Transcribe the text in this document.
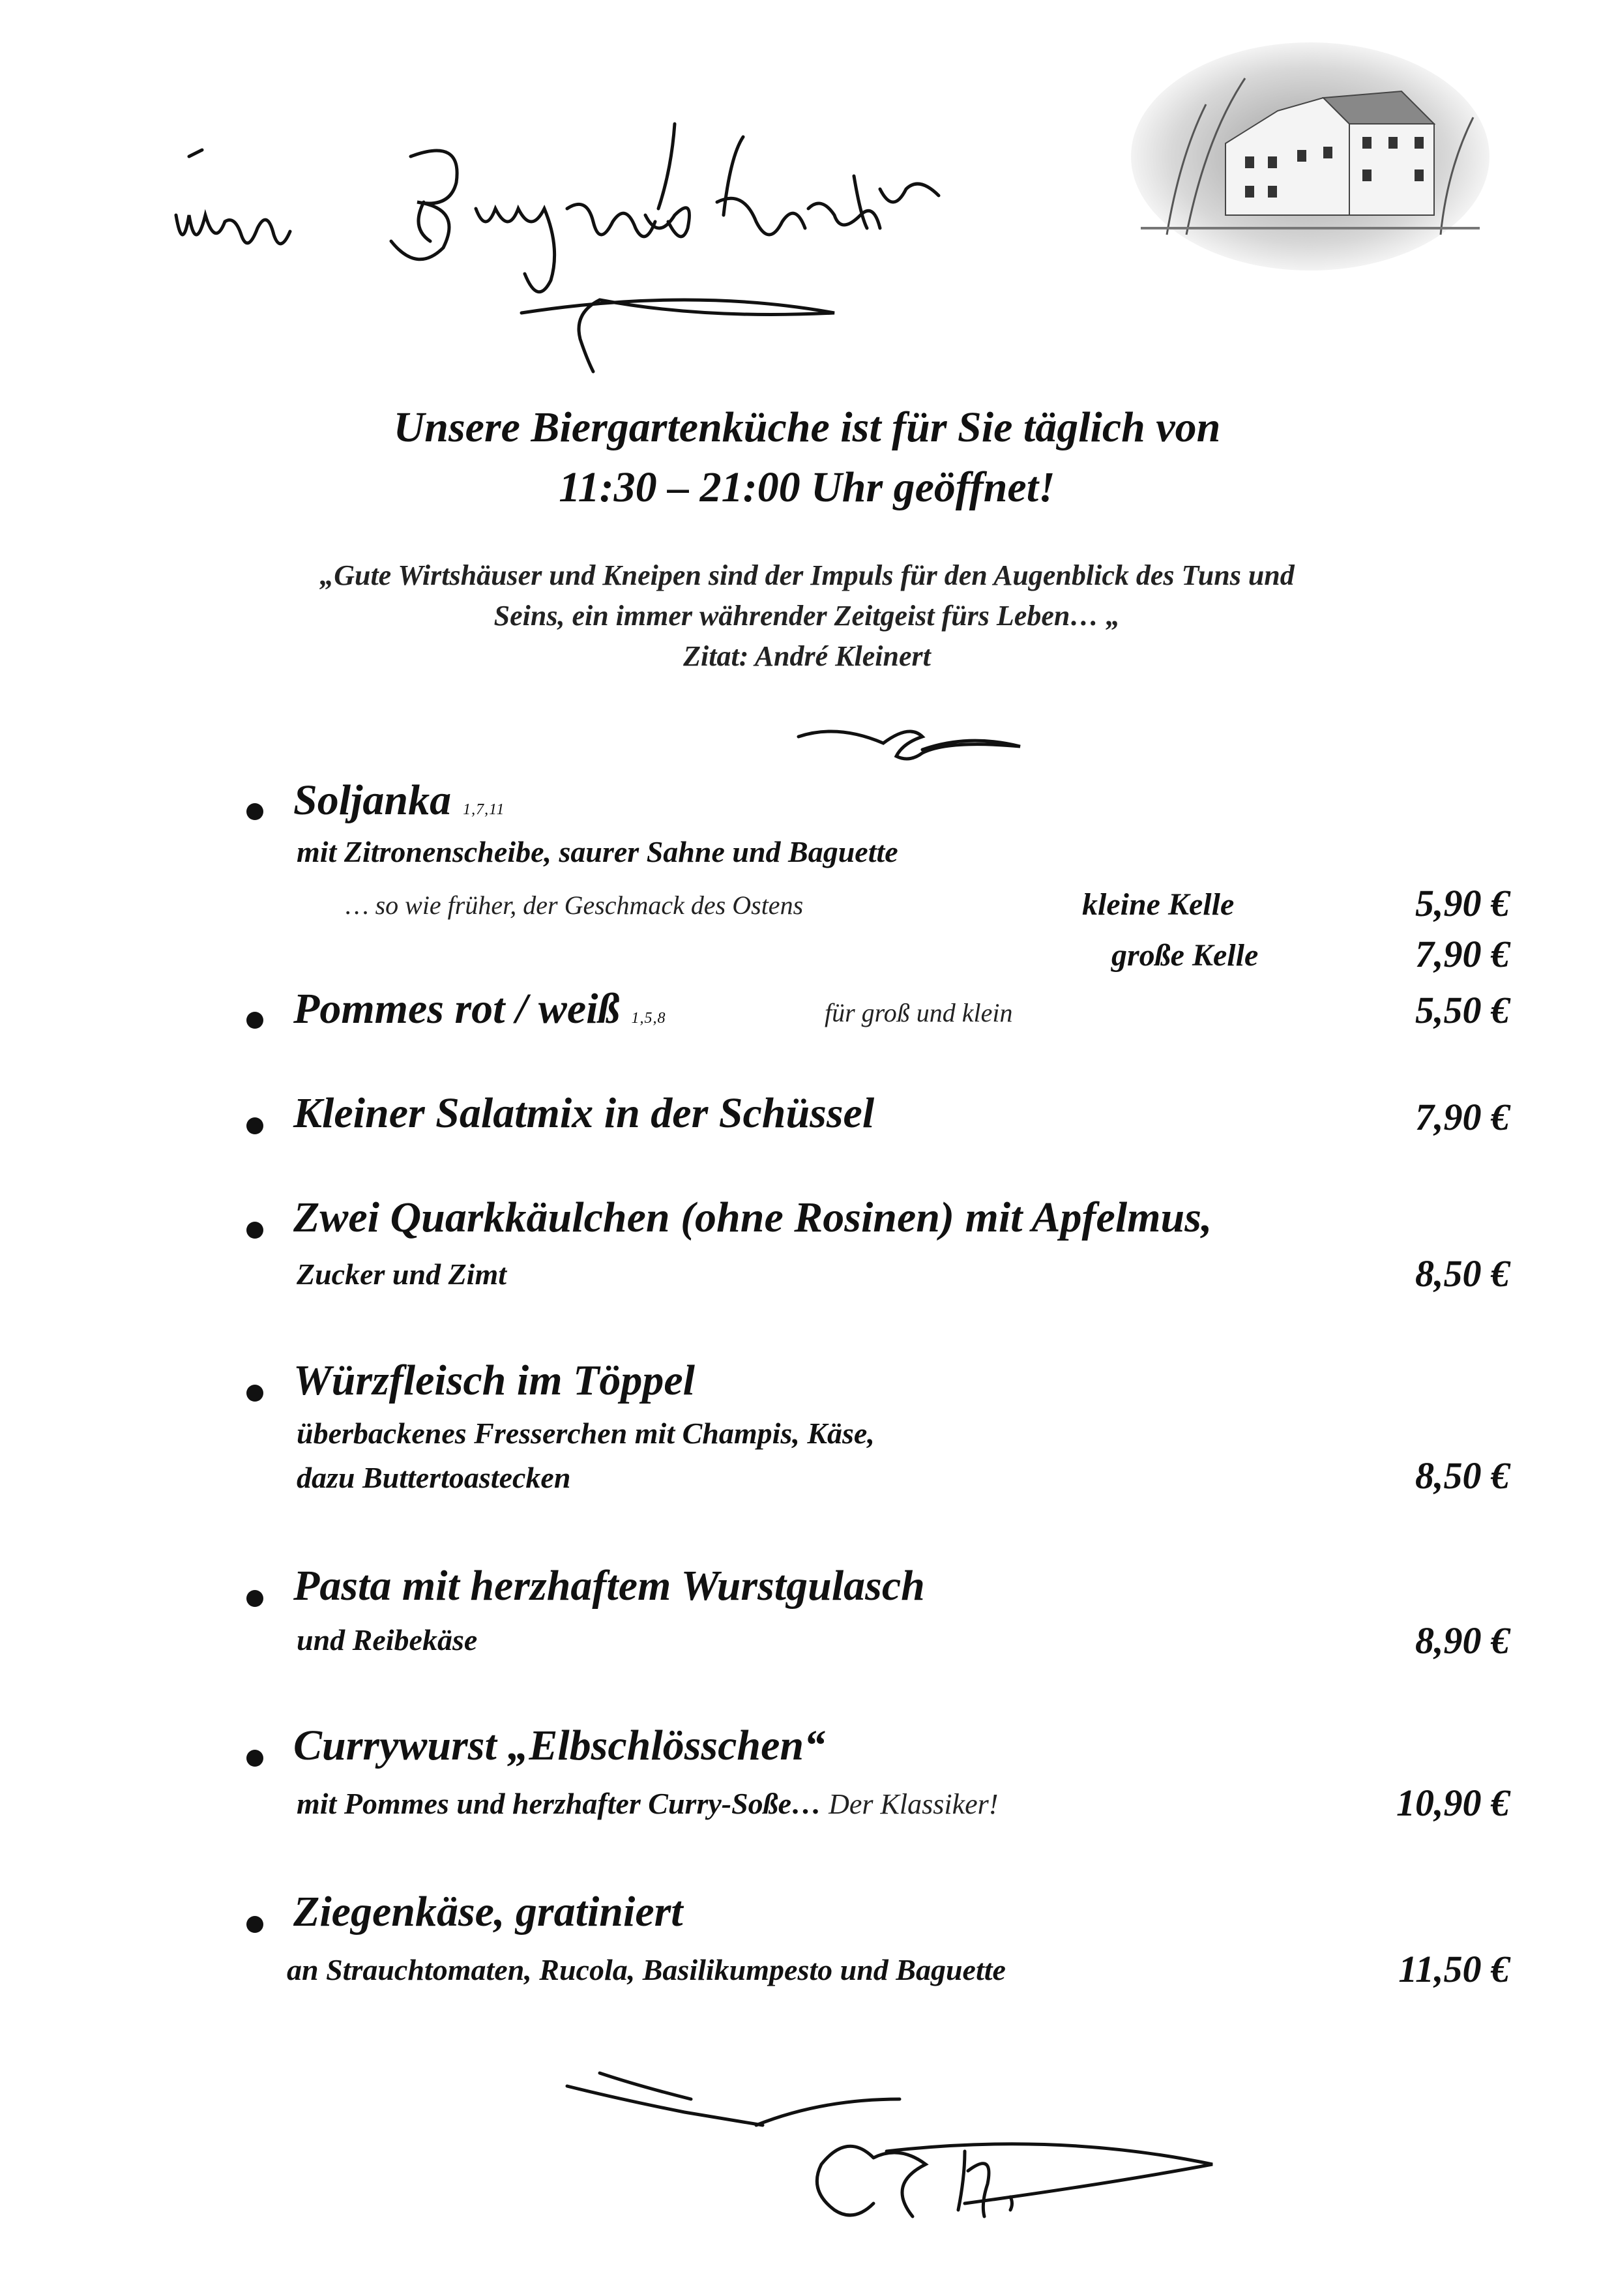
Unsere Biergartenküche ist für Sie täglich von
11:30 – 21:00 Uhr geöffnet!
„Gute Wirtshäuser und Kneipen sind der Impuls für den Augenblick des Tuns und
Seins, ein immer währender Zeitgeist fürs Leben… „
Zitat: André Kleinert
Soljanka 1,7,11
mit Zitronenscheibe, saurer Sahne und Baguette
… so wie früher, der Geschmack des Ostens	kleine Kelle	5,90 €
große Kelle	7,90 €
Pommes rot / weiß 1,5,8	für groß und klein	5,50 €
Kleiner Salatmix in der Schüssel	7,90 €
Zwei Quarkkäulchen (ohne Rosinen) mit Apfelmus,
Zucker und Zimt	8,50 €
Würzfleisch im Töppel
überbackenes Fresserchen mit Champis, Käse,
dazu Buttertoastecken	8,50 €
Pasta mit herzhaftem Wurstgulasch
und Reibekäse	8,90 €
Currywurst „Elbschlösschen“
mit Pommes und herzhafter Curry-Soße… Der Klassiker!	10,90 €
Ziegenkäse, gratiniert
an Strauchtomaten, Rucola, Basilikumpesto und Baguette	11,50 €
